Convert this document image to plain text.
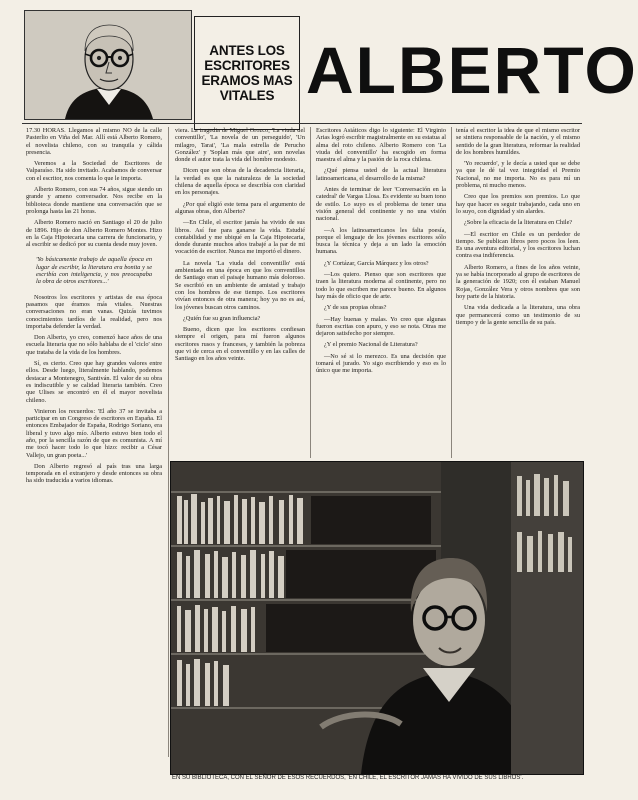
ANTES LOS
ESCRITORES
ERAMOS MAS
VITALES ALBERTO

17.30 HORAS. Llegamos al mismo NO de la calle Pasterlio en Viña del Mar. Allí está Alberto Romero, el novelista chileno, con su tranquila y cálida presencia.

Veremos a la Sociedad de Escritores de Valparaíso. Ha sido invitado. Acabamos de conversar con el escritor, nos comenta lo que le importa.

Alberto Romero, con sus 74 años, sigue siendo un grande y ameno conversador. Nos recibe en la biblioteca donde mantiene una conversación que se prolonga hasta las 21 horas.

Alberto Romero nació en Santiago el 20 de julio de 1896. Hijo de don Alberto Romero Montes. Hizo en la Caja Hipotecaria una carrera de funcionario, y al escribir se dedicó por su cuenta desde muy joven.

'Yo básicamente trabajo de aquella época en lugar de escribir, la literatura era bonita y se escribía con inteligencia, y nos preocupaba la obra de otros escritores...'

Nosotros los escritores y artistas de esa época pasamos que éramos más vitales. Nuestras conversaciones no eran vanas. Quizás tuvimos conocimientos tardíos de la realidad, pero nos importaba defender la verdad.

Don Alberto, yo creo, comenzó hace años de una escuela literaria que no sólo hablaba de el 'ciclo' sino que trataba de la vida de los hombres.

Sí, es cierto. Creo que hay grandes valores entre ellos. Desde luego, literalmente hablando, podemos destacar a Montenegro, Santiván. El valor de su obra es indiscutible y se calidad literaria también. Creo que Ulises se encontró en él el mayor novelista chileno.

Vinieron los recuerdos: 'El año 37 se invitaba a participar en un Congreso de escritores en España. El entonces Embajador de España, Rodrigo Soriano, era liberal y tuvo algo mío. Alberto estuvo bien todo el año, por la sencilla razón de que es comunista. A mí me tocó hacer todo lo que hizo: recibir a César Vallejo, un gran poeta...'

Don Alberto regresó al país tras una larga temporada en el extranjero y desde entonces su obra ha sido traducida a varios idiomas.

viera. La tragedia de Miguel Orozco, 'La viuda del conventillo', 'La novela de un perseguido', 'Un milagro, Tarai', 'La mala estrella de Perucho González' y 'Soplan más que aire', son novelas donde el autor trata la vida del hombre modesto.

Dicen que son obras de la decadencia literaria, la verdad es que la naturaleza de la sociedad chilena de aquella época se describía con claridad en los personajes.

¿Por qué eligió este tema para el argumento de algunas obras, don Alberto?

—En Chile, el escritor jamás ha vivido de sus libros. Así fue para ganarse la vida. Estudié contabilidad y me ubiqué en la Caja Hipotecaria, donde durante muchos años trabajé a la par de mi vocación de escritor. Nunca me importó el dinero.

La novela 'La viuda del conventillo' está ambientada en una época en que los conventillos de Santiago eran el paisaje humano más doloroso. Se escribió en un ambiente de amistad y trabajo con los hombres de ese tiempo. Los escritores vivían entonces de otra manera; hoy ya no es así, los jóvenes buscan otros caminos.

¿Quién fue su gran influencia?

Bueno, dicen que los escritores confiesan siempre el origen, para mí fueron algunos escritores rusos y franceses, y también la pobreza que vi de cerca en el conventillo y en las calles de Santiago en los años veinte.

Escritores Asiáticos digo lo siguiente: El Virginio Arias logró escribir magistralmente en su estatua al alma del roto chileno. Alberto Romero con 'La viuda del conventillo' ha escogido en forma maestra el alma y la pasión de la roca chilena.

¿Qué piensa usted de la actual literatura latinoamericana, el desarrollo de la misma?

Antes de terminar de leer 'Conversación en la catedral' de Vargas Llosa. Es evidente su buen tono de estilo. Lo suyo es el problema de tener una visión general del continente y no una visión nacional.

—A los latinoamericanos les falta poesía, porque el lenguaje de los jóvenes escritores sólo busca la técnica y deja a un lado la emoción humana.

¿Y Cortázar, García Márquez y los otros?

—Los quiero. Pienso que son escritores que traen la literatura moderna al continente, pero no todo lo que escriben me parece bueno. En algunos hay más de oficio que de arte.

¿Y de sus propias obras?

—Hay buenas y malas. Yo creo que algunas fueron escritas con apuro, y eso se nota. Otras me dejaron satisfecho por siempre.

¿Y el premio Nacional de Literatura?

—No sé si lo merezco. Es una decisión que tomará el jurado. Yo sigo escribiendo y eso es lo único que me importa.

tenía el escritor la idea de que el mismo escritor se sintiera responsable de la nación, y el mismo sentido de la gran literatura, reformar la realidad de los hombres humildes.

'Yo recuerdo', y le decía a usted que se debe ya que le dé tal vez integridad el Premio Nacional, no me importa. No es para mí un problema, ni mucho menos.

Creo que los premios son premios. Lo que hay que hacer es seguir trabajando, cada uno en lo suyo, con dignidad y sin alardes.

¿Sobre la eficacia de la literatura en Chile?

—El escritor en Chile es un perdedor de tiempo. Se publican libros pero pocos los leen. Es una aventura editorial, y los escritores luchan contra esa indiferencia.

Alberto Romero, a fines de los años veinte, ya se había incorporado al grupo de escritores de la generación de 1920; con él estaban Manuel Rojas, González Vera y otros nombres que son hoy parte de la historia.

Una vida dedicada a la literatura, una obra que permanecerá como un testimonio de su tiempo y de la gente sencilla de su país.

EN SU BIBLIOTECA, CON EL SEÑOR DE ESOS RECUERDOS, 'EN CHILE, EL ESCRITOR JAMÁS HA VIVIDO DE SUS LIBROS'.
